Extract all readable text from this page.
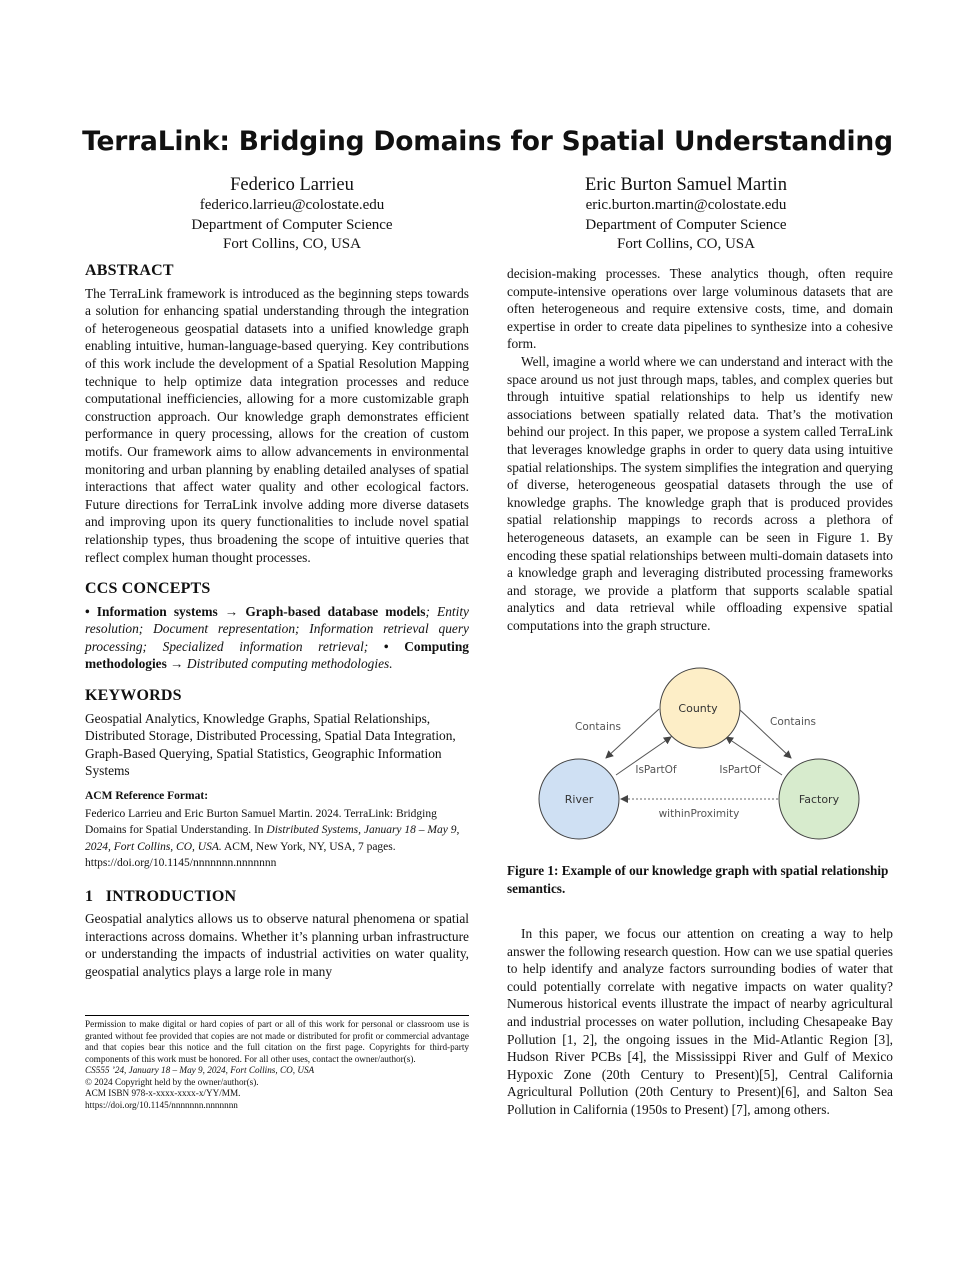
TerraLink: Bridging Domains for Spatial Understanding
Federico Larrieu
federico.larrieu@colostate.edu
Department of Computer Science
Fort Collins, CO, USA
Eric Burton Samuel Martin
eric.burton.martin@colostate.edu
Department of Computer Science
Fort Collins, CO, USA
ABSTRACT

The TerraLink framework is introduced as the beginning steps towards a solution for enhancing spatial understanding through the integration of heterogeneous geospatial datasets into a unified knowledge graph enabling intuitive, human-language-based querying. Key contributions of this work include the development of a Spatial Resolution Mapping technique to help optimize data integration processes and reduce computational inefficiencies, allowing for a more customizable graph construction approach. Our knowledge graph demonstrates efficient performance in query processing, allows for the creation of custom motifs. Our framework aims to allow advancements in environmental monitoring and urban planning by enabling detailed analyses of spatial interactions that affect water quality and other ecological factors. Future directions for TerraLink involve adding more diverse datasets and improving upon its query functionalities to include novel spatial relationship types, thus broadening the scope of intuitive queries that reflect complex human thought processes.

CCS CONCEPTS

• Information systems → Graph-based database models; Entity resolution; Document representation; Information retrieval query processing; Specialized information retrieval; • Computing methodologies → Distributed computing methodologies.

KEYWORDS

Geospatial Analytics, Knowledge Graphs, Spatial Relationships, Distributed Storage, Distributed Processing, Spatial Data Integration, Graph-Based Querying, Spatial Statistics, Geographic Information Systems

ACM Reference Format:
Federico Larrieu and Eric Burton Samuel Martin. 2024. TerraLink: Bridging Domains for Spatial Understanding. In Distributed Systems, January 18 – May 9, 2024, Fort Collins, CO, USA. ACM, New York, NY, USA, 7 pages. https://doi.org/10.1145/nnnnnnn.nnnnnnn
1   INTRODUCTION

Geospatial analytics allows us to observe natural phenomena or spatial interactions across domains. Whether it’s planning urban infrastructure or understanding the impacts of industrial activities on water quality, geospatial analytics plays a large role in many

Permission to make digital or hard copies of part or all of this work for personal or classroom use is granted without fee provided that copies are not made or distributed for profit or commercial advantage and that copies bear this notice and the full citation on the first page. Copyrights for third-party components of this work must be honored. For all other uses, contact the owner/author(s).
CS555 ’24, January 18 – May 9, 2024, Fort Collins, CO, USA
© 2024 Copyright held by the owner/author(s).
ACM ISBN 978-x-xxxx-xxxx-x/YY/MM.
https://doi.org/10.1145/nnnnnnn.nnnnnnn

decision-making processes. These analytics though, often require compute-intensive operations over large voluminous datasets that are often heterogeneous and require extensive costs, time, and domain expertise in order to create data pipelines to synthesize into a cohesive form.

Well, imagine a world where we can understand and interact with the space around us not just through maps, tables, and complex queries but through intuitive spatial relationships to help us identify new associations between spatially related data. That’s the motivation behind our project. In this paper, we propose a system called TerraLink that leverages knowledge graphs in order to query data using intuitive spatial relationships. The system simplifies the integration and querying of diverse, heterogeneous geospatial datasets through the use of knowledge graphs. The knowledge graph that is produced provides spatial relationship mappings to records across a plethora of heterogeneous datasets, an example can be seen in Figure 1. By encoding these spatial relationships between multi-domain datasets into a knowledge graph and leveraging distributed processing frameworks and storage, we provide a platform that supports scalable spatial analytics and data retrieval while offloading expensive spatial computations into the graph structure.

County
River	Factory
Contains	Contains
IsPartOf	IsPartOf
withinProximity
Figure 1: Example of our knowledge graph with spatial relationship semantics.

In this paper, we focus our attention on creating a way to help answer the following research question. How can we use spatial queries to help identify and analyze factors surrounding bodies of water that could potentially correlate with negative impacts on water quality? Numerous historical events illustrate the impact of nearby agricultural and industrial processes on water pollution, including Chesapeake Bay Pollution [1, 2], the ongoing issues in the Mid-Atlantic Region [3], Hudson River PCBs [4], the Mississippi River and Gulf of Mexico Hypoxic Zone (20th Century to Present)[5], Central California Agricultural Pollution (20th Century to Present)[6], and Salton Sea Pollution in California (1950s to Present) [7], among others.
